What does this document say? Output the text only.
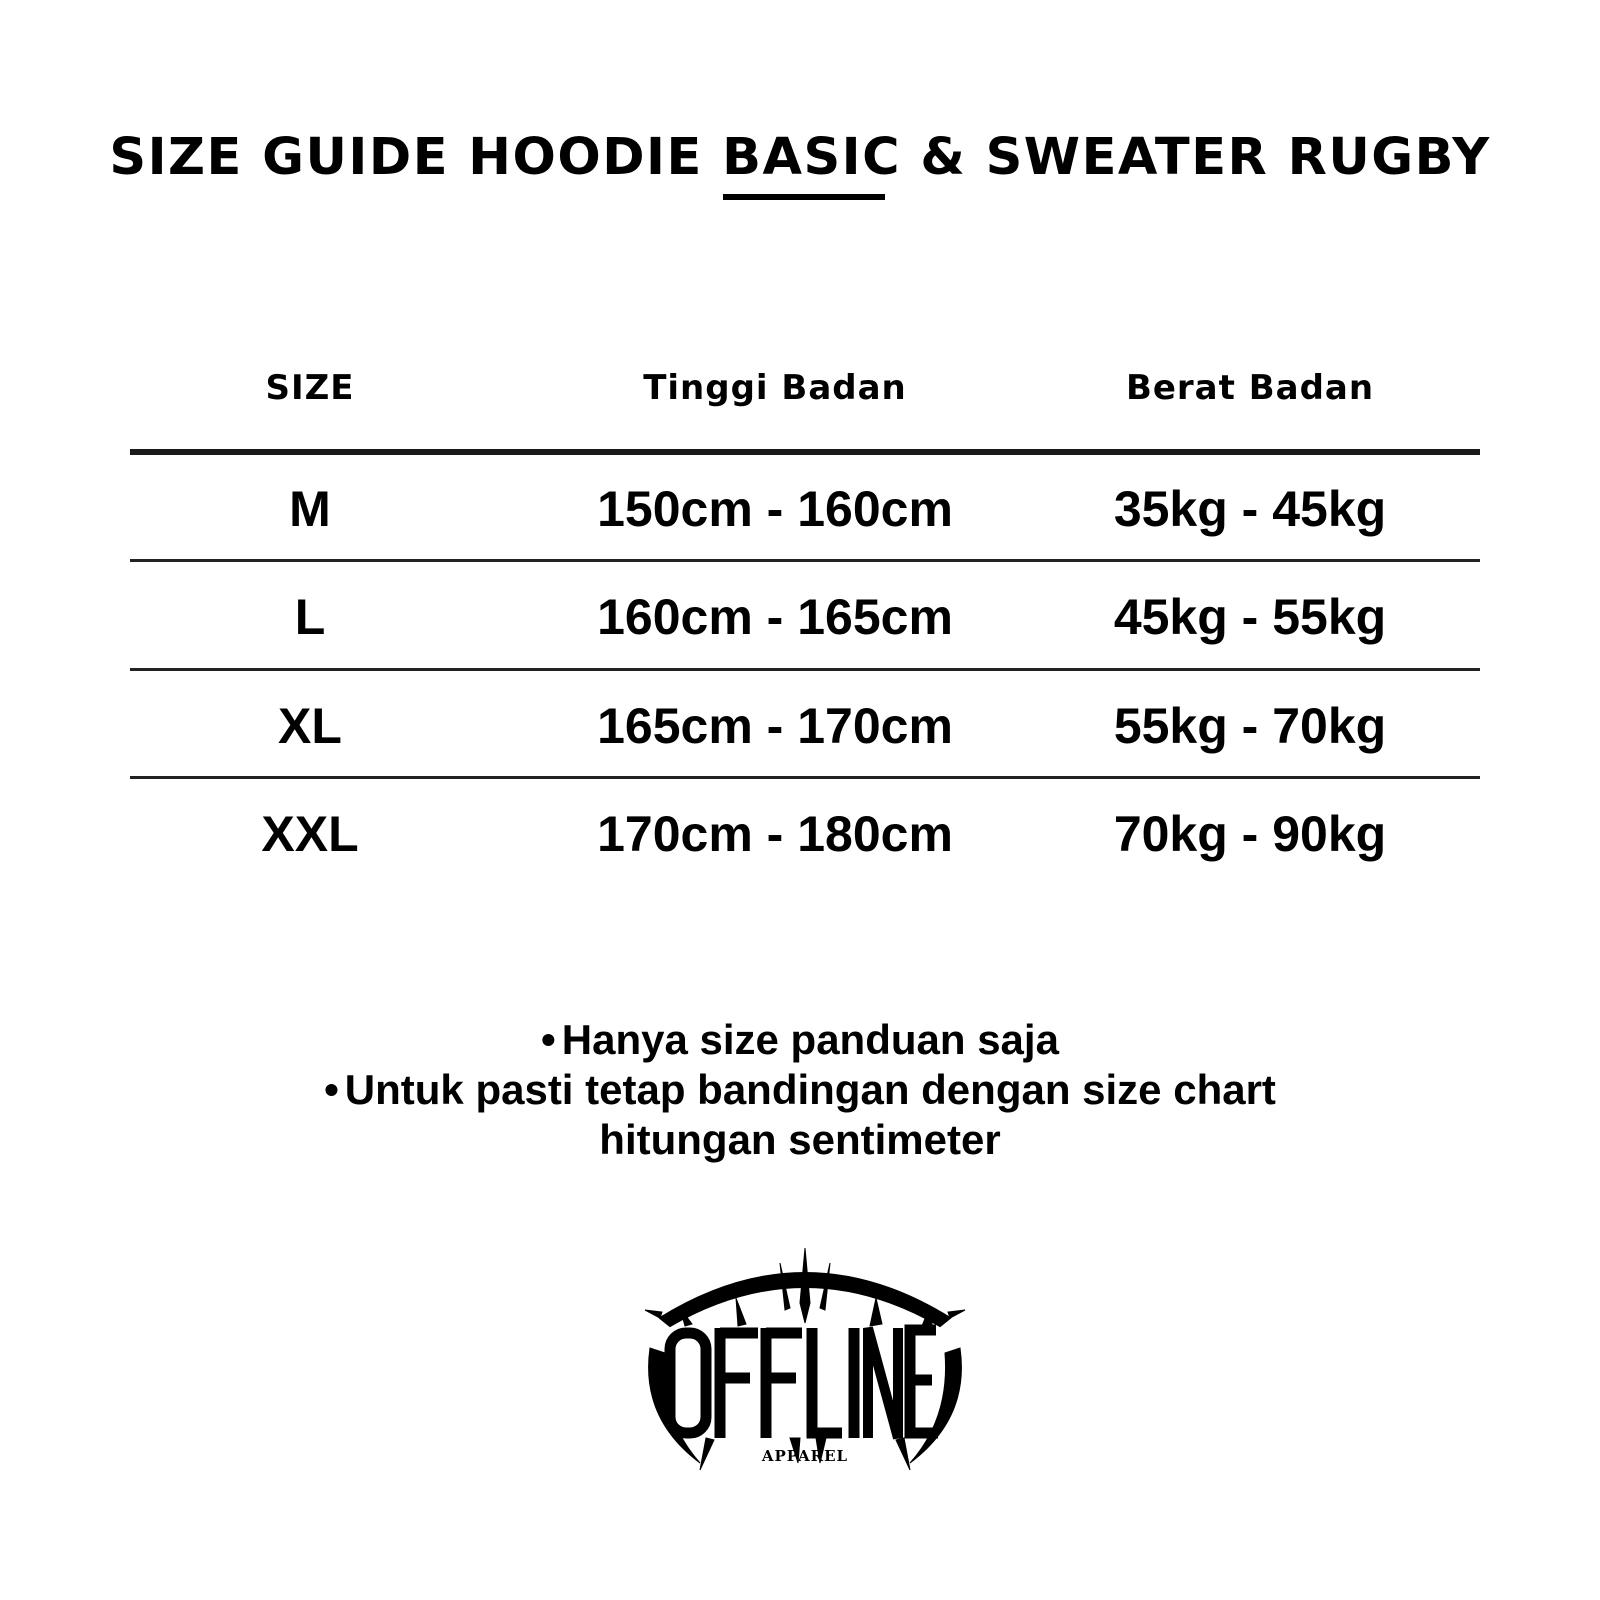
SIZE GUIDE HOODIE BASIC & SWEATER RUGBY
SIZE	Tinggi Badan	Berat Badan
M	150cm - 160cm	35kg - 45kg
L	160cm - 165cm	45kg - 55kg
XL	165cm - 170cm	55kg - 70kg
XXL	170cm - 180cm	70kg - 90kg
• Hanya size panduan saja
• Untuk pasti tetap bandingan dengan size chart
hitungan sentimeter
APPAREL
